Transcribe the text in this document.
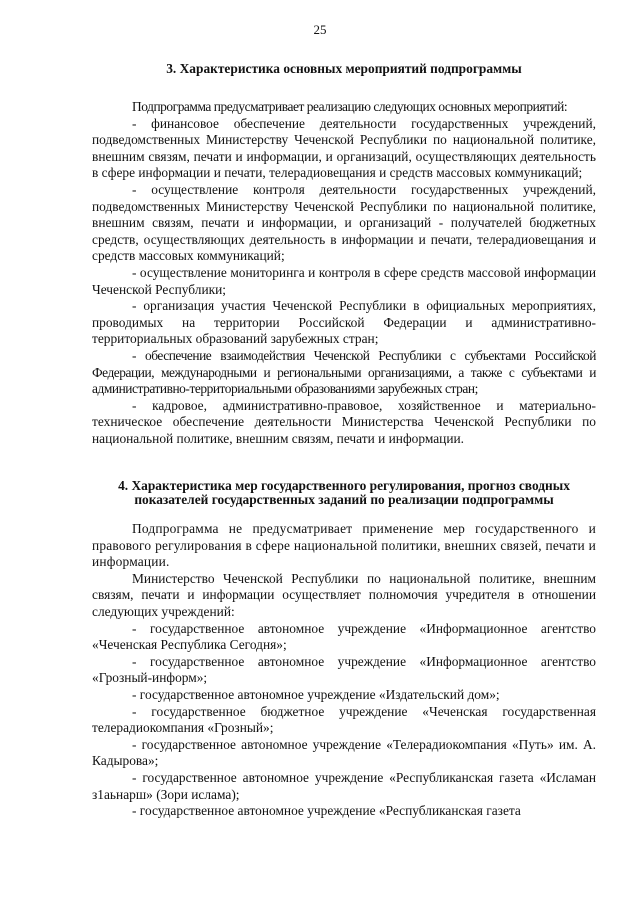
25
3. Характеристика основных мероприятий подпрограммы

Подпрограмма предусматривает реализацию следующих основных мероприятий:

- финансовое обеспечение деятельности государственных учреждений, подведомственных Министерству Чеченской Республики по национальной политике, внешним связям, печати и информации, и организаций, осуществляющих деятельность в сфере информации и печати, телерадиовещания и средств массовых коммуникаций;

- осуществление контроля деятельности государственных учреждений, подведомственных Министерству Чеченской Республики по национальной политике, внешним связям, печати и информации, и организаций - получателей бюджетных средств, осуществляющих деятельность в информации и печати, телерадиовещания и средств массовых коммуникаций;

- осуществление мониторинга и контроля в сфере средств массовой информации Чеченской Республики;

- организация участия Чеченской Республики в официальных мероприятиях, проводимых на территории Российской Федерации и административно-территориальных образований зарубежных стран;

- обеспечение взаимодействия Чеченской Республики с субъектами Российской Федерации, международными и региональными организациями, а также с субъектами и административно-территориальными образованиями зарубежных стран;

- кадровое, административно-правовое, хозяйственное и материально-техническое обеспечение деятельности Министерства Чеченской Республики по национальной политике, внешним связям, печати и информации.

4. Характеристика мер государственного регулирования, прогноз сводных
показателей государственных заданий по реализации подпрограммы

Подпрограмма не предусматривает применение мер государственного и правового регулирования в сфере национальной политики, внешних связей, печати и информации.

Министерство Чеченской Республики по национальной политике, внешним связям, печати и информации осуществляет полномочия учредителя в отношении следующих учреждений:

- государственное автономное учреждение «Информационное агентство «Чеченская Республика Сегодня»;

- государственное автономное учреждение «Информационное агентство «Грозный-информ»;

- государственное автономное учреждение «Издательский дом»;

- государственное бюджетное учреждение «Чеченская государственная телерадиокомпания «Грозный»;

- государственное автономное учреждение «Телерадиокомпания «Путь» им. А. Кадырова»;

- государственное автономное учреждение «Республиканская газета «Исламан з1аьнарш» (Зори ислама);

- государственное автономное учреждение «Республиканская газета
